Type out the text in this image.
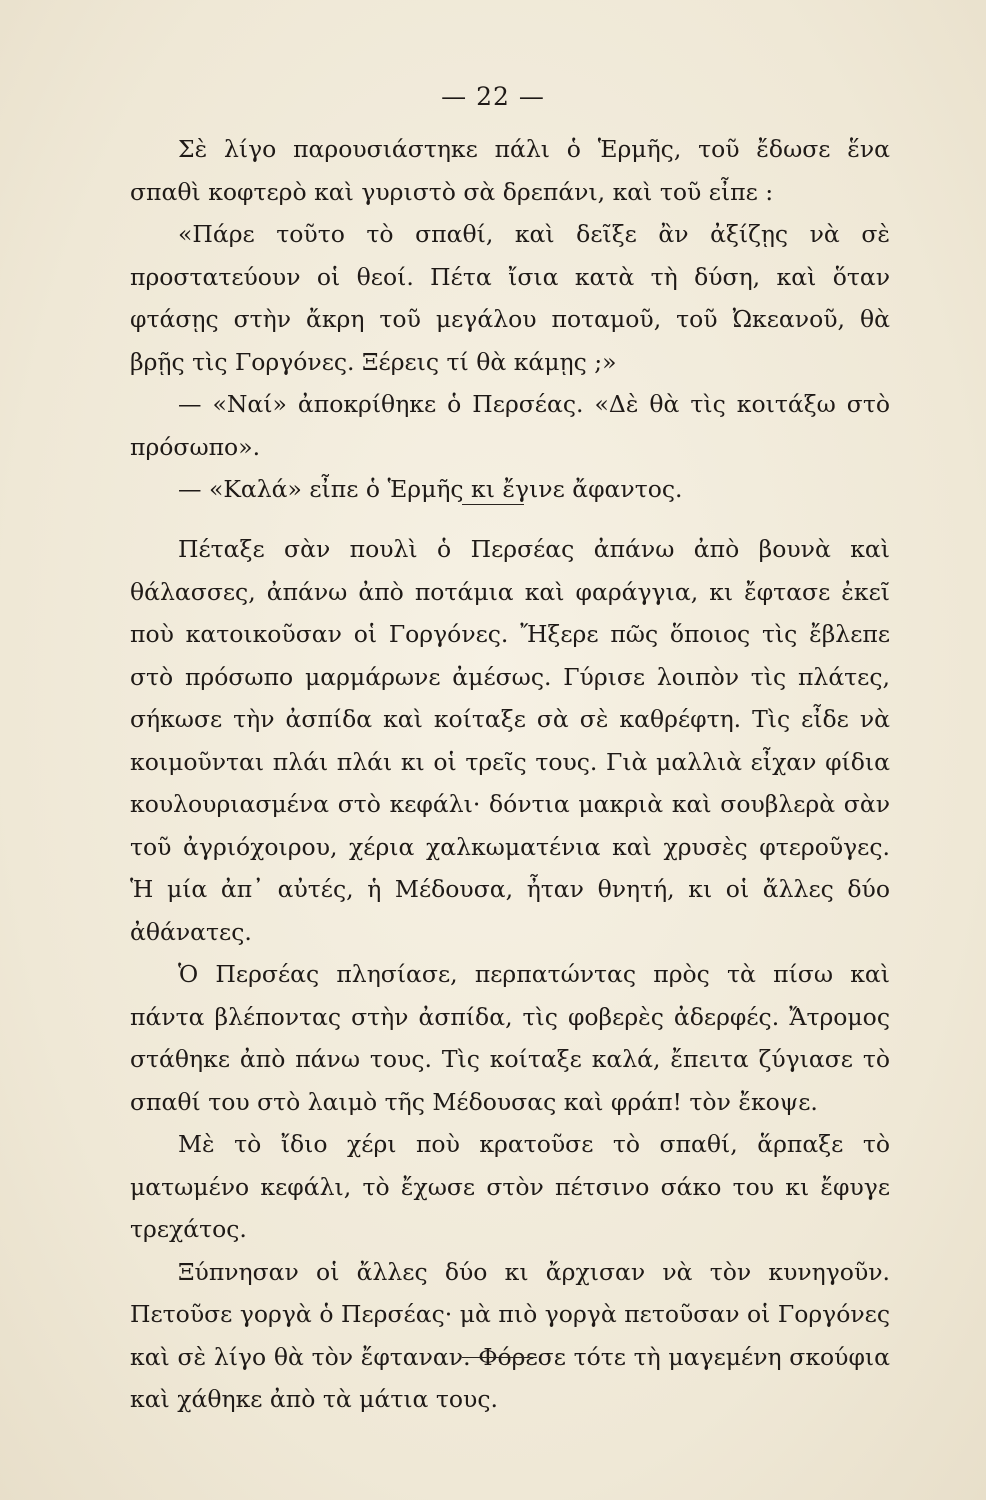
— 22 —

Σὲ λίγο παρουσιάστηκε πάλι ὁ Ἑρμῆς, τοῦ ἔδωσε ἕνα σπαθὶ κοφτερὸ καὶ γυριστὸ σὰ δρεπάνι, καὶ τοῦ εἶπε :

«Πάρε τοῦτο τὸ σπαθί, καὶ δεῖξε ἂν ἀξίζῃς νὰ σὲ προστατεύουν οἱ θεοί. Πέτα ἴσια κατὰ τὴ δύση, καὶ ὅταν φτάσῃς στὴν ἄκρη τοῦ μεγάλου ποταμοῦ, τοῦ Ὠκεανοῦ, θὰ βρῇς τὶς Γοργόνες. Ξέρεις τί θὰ κάμῃς ;»

— «Ναί» ἀποκρίθηκε ὁ Περσέας. «Δὲ θὰ τὶς κοιτάξω στὸ πρόσωπο».

— «Καλά» εἶπε ὁ Ἑρμῆς κι ἔγινε ἄφαντος.

Πέταξε σὰν πουλὶ ὁ Περσέας ἀπάνω ἀπὸ βουνὰ καὶ θάλασσες, ἀπάνω ἀπὸ ποτάμια καὶ φαράγγια, κι ἔφτασε ἐκεῖ ποὺ κατοικοῦσαν οἱ Γοργόνες. Ἤξερε πῶς ὅποιος τὶς ἔβλεπε στὸ πρόσωπο μαρμάρωνε ἀμέσως. Γύρισε λοιπὸν τὶς πλάτες, σήκωσε τὴν ἀσπίδα καὶ κοίταξε σὰ σὲ καθρέφτη. Τὶς εἶδε νὰ κοιμοῦνται πλάι πλάι κι οἱ τρεῖς τους. Γιὰ μαλλιὰ εἶχαν φίδια κουλουριασμένα στὸ κεφάλι· δόντια μακριὰ καὶ σουβλερὰ σὰν τοῦ ἀγριόχοιρου, χέρια χαλκωματένια καὶ χρυσὲς φτεροῦγες. Ἡ μία ἀπ᾽ αὐτές, ἡ Μέδουσα, ἦταν θνητή, κι οἱ ἄλλες δύο ἀθάνατες.

Ὁ Περσέας πλησίασε, περπατώντας πρὸς τὰ πίσω καὶ πάντα βλέποντας στὴν ἀσπίδα, τὶς φοβερὲς ἀδερφές. Ἄτρομος στάθηκε ἀπὸ πάνω τους. Τὶς κοίταξε καλά, ἔπειτα ζύγιασε τὸ σπαθί του στὸ λαιμὸ τῆς Μέδουσας καὶ φράπ! τὸν ἔκοψε.

Μὲ τὸ ἴδιο χέρι ποὺ κρατοῦσε τὸ σπαθί, ἅρπαξε τὸ ματωμένο κεφάλι, τὸ ἔχωσε στὸν πέτσινο σάκο του κι ἔφυγε τρεχάτος.

Ξύπνησαν οἱ ἄλλες δύο κι ἄρχισαν νὰ τὸν κυνηγοῦν. Πετοῦσε γοργὰ ὁ Περσέας· μὰ πιὸ γοργὰ πετοῦσαν οἱ Γοργόνες καὶ σὲ λίγο θὰ τὸν ἔφταναν. Φόρεσε τότε τὴ μαγεμένη σκούφια καὶ χάθηκε ἀπὸ τὰ μάτια τους.
